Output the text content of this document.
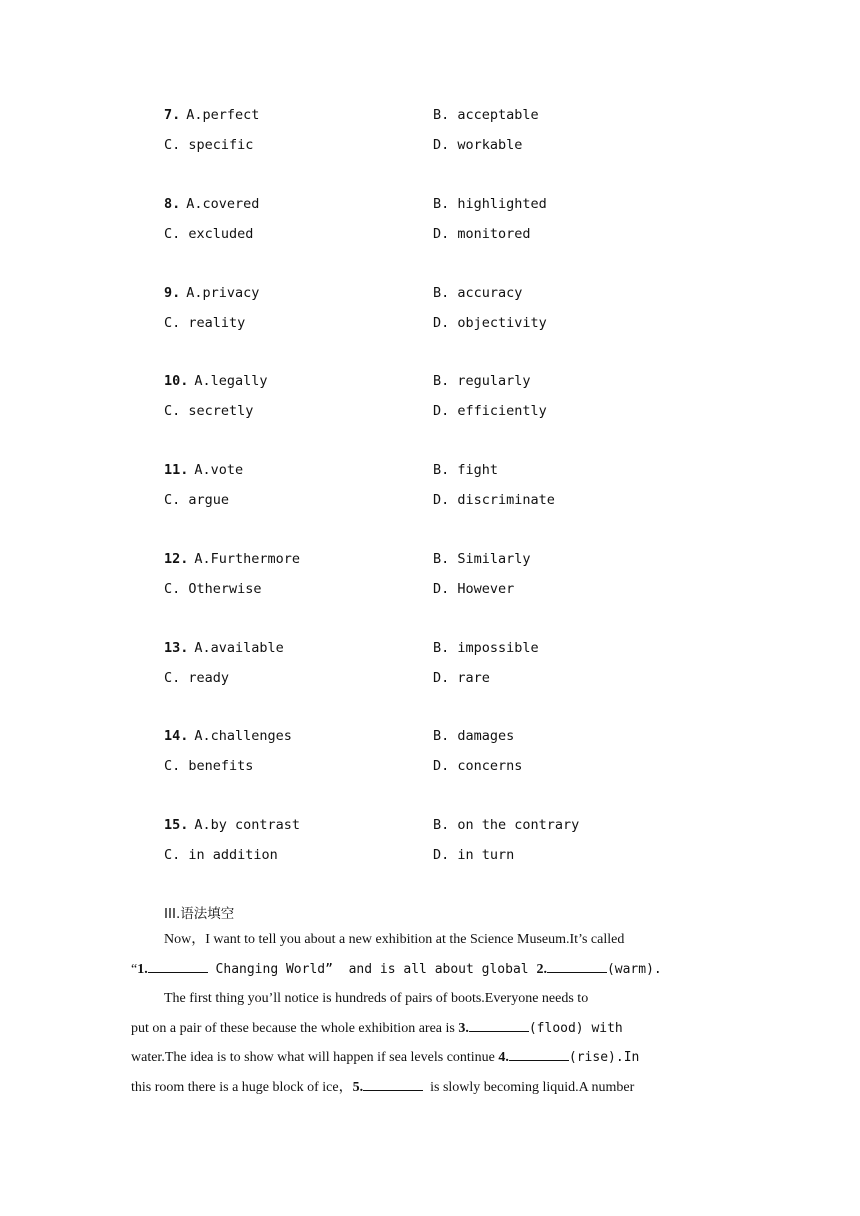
7. A.perfect	B. acceptable
C. specific	D. workable
8. A.covered	B. highlighted
C. excluded	D. monitored
9. A.privacy	B. accuracy
C. reality	D. objectivity
10. A.legally	B. regularly
C. secretly	D. efficiently
11. A.vote	B. fight
C. argue	D. discriminate
12. A.Furthermore	B. Similarly
C. Otherwise	D. However
13. A.available	B. impossible
C. ready	D. rare
14. A.challenges	B. damages
C. benefits	D. concerns
15. A.by contrast	B. on the contrary
C. in addition	D. in turn
III.语法填空
Now，I want to tell you about a new exhibition at the Science Museum.It’s called
“1.	Changing World”  and is all about global 2.	(warm).
The first thing you’ll notice is hundreds of pairs of boots.Everyone needs to
put on a pair of these because the whole exhibition area is 3.	(flood) with
water.The idea is to show what will happen if sea levels continue 4.	(rise).In
this room there is a huge block of ice，5.	is slowly becoming liquid.A number
